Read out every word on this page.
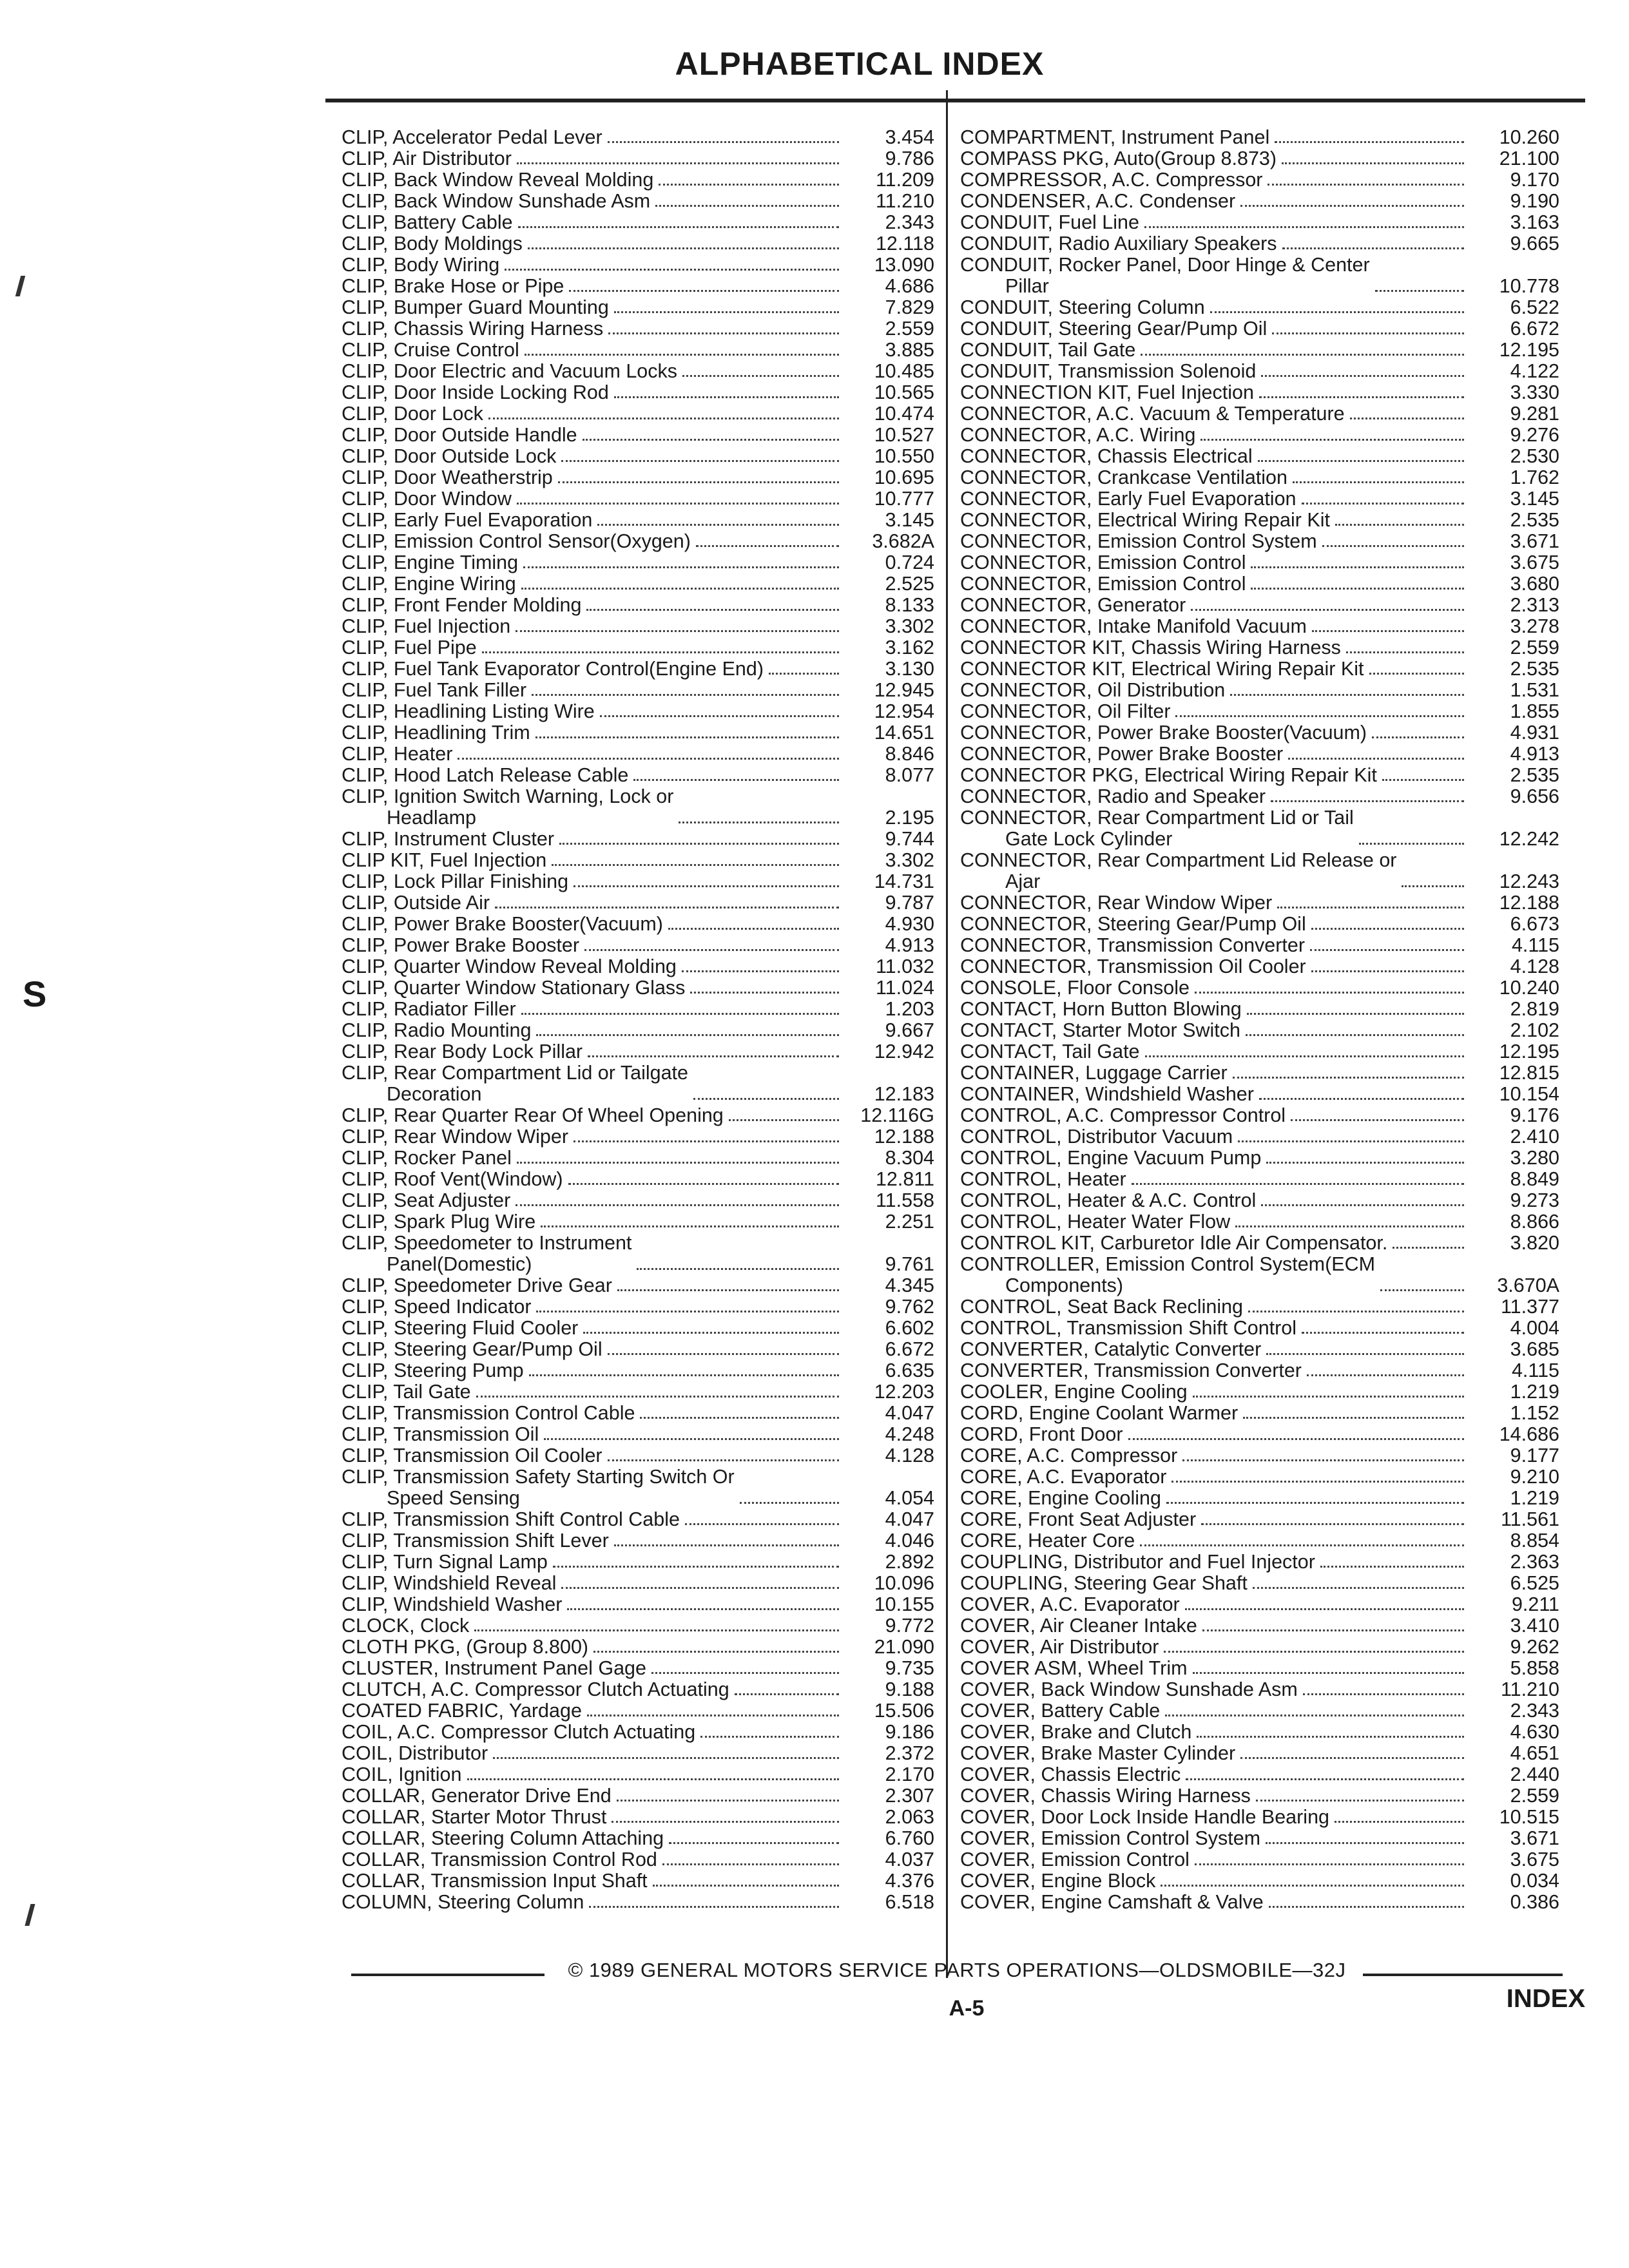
ALPHABETICAL INDEX
CLIP, Accelerator Pedal Lever	3.454
CLIP, Air Distributor	9.786
CLIP, Back Window Reveal Molding	11.209
CLIP, Back Window Sunshade Asm	11.210
CLIP, Battery Cable	2.343
CLIP, Body Moldings	12.118
CLIP, Body Wiring	13.090
CLIP, Brake Hose or Pipe	4.686
CLIP, Bumper Guard Mounting	7.829
CLIP, Chassis Wiring Harness	2.559
CLIP, Cruise Control	3.885
CLIP, Door Electric and Vacuum Locks	10.485
CLIP, Door Inside Locking Rod	10.565
CLIP, Door Lock	10.474
CLIP, Door Outside Handle	10.527
CLIP, Door Outside Lock	10.550
CLIP, Door Weatherstrip	10.695
CLIP, Door Window	10.777
CLIP, Early Fuel Evaporation	3.145
CLIP, Emission Control Sensor(Oxygen)	3.682A
CLIP, Engine Timing	0.724
CLIP, Engine Wiring	2.525
CLIP, Front Fender Molding	8.133
CLIP, Fuel Injection	3.302
CLIP, Fuel Pipe	3.162
CLIP, Fuel Tank Evaporator Control(Engine End)	3.130
CLIP, Fuel Tank Filler	12.945
CLIP, Headlining Listing Wire	12.954
CLIP, Headlining Trim	14.651
CLIP, Heater	8.846
CLIP, Hood Latch Release Cable	8.077
CLIP, Ignition Switch Warning, Lock or
Headlamp	2.195
CLIP, Instrument Cluster	9.744
CLIP KIT, Fuel Injection	3.302
CLIP, Lock Pillar Finishing	14.731
CLIP, Outside Air	9.787
CLIP, Power Brake Booster(Vacuum)	4.930
CLIP, Power Brake Booster	4.913
CLIP, Quarter Window Reveal Molding	11.032
CLIP, Quarter Window Stationary Glass	11.024
CLIP, Radiator Filler	1.203
CLIP, Radio Mounting	9.667
CLIP, Rear Body Lock Pillar	12.942
CLIP, Rear Compartment Lid or Tailgate
Decoration	12.183
CLIP, Rear Quarter Rear Of Wheel Opening	12.116G
CLIP, Rear Window Wiper	12.188
CLIP, Rocker Panel	8.304
CLIP, Roof Vent(Window)	12.811
CLIP, Seat Adjuster	11.558
CLIP, Spark Plug Wire	2.251
CLIP, Speedometer to Instrument
Panel(Domestic)	9.761
CLIP, Speedometer Drive Gear	4.345
CLIP, Speed Indicator	9.762
CLIP, Steering Fluid Cooler	6.602
CLIP, Steering Gear/Pump Oil	6.672
CLIP, Steering Pump	6.635
CLIP, Tail Gate	12.203
CLIP, Transmission Control Cable	4.047
CLIP, Transmission Oil	4.248
CLIP, Transmission Oil Cooler	4.128
CLIP, Transmission Safety Starting Switch Or
Speed Sensing	4.054
CLIP, Transmission Shift Control Cable	4.047
CLIP, Transmission Shift Lever	4.046
CLIP, Turn Signal Lamp	2.892
CLIP, Windshield Reveal	10.096
CLIP, Windshield Washer	10.155
CLOCK, Clock	9.772
CLOTH PKG, (Group 8.800)	21.090
CLUSTER, Instrument Panel Gage	9.735
CLUTCH, A.C. Compressor Clutch Actuating	9.188
COATED FABRIC, Yardage	15.506
COIL, A.C. Compressor Clutch Actuating	9.186
COIL, Distributor	2.372
COIL, Ignition	2.170
COLLAR, Generator Drive End	2.307
COLLAR, Starter Motor Thrust	2.063
COLLAR, Steering Column Attaching	6.760
COLLAR, Transmission Control Rod	4.037
COLLAR, Transmission Input Shaft	4.376
COLUMN, Steering Column	6.518
COMPARTMENT, Instrument Panel	10.260
COMPASS PKG, Auto(Group 8.873)	21.100
COMPRESSOR, A.C. Compressor	9.170
CONDENSER, A.C. Condenser	9.190
CONDUIT, Fuel Line	3.163
CONDUIT, Radio Auxiliary Speakers	9.665
CONDUIT, Rocker Panel, Door Hinge & Center
Pillar	10.778
CONDUIT, Steering Column	6.522
CONDUIT, Steering Gear/Pump Oil	6.672
CONDUIT, Tail Gate	12.195
CONDUIT, Transmission Solenoid	4.122
CONNECTION KIT, Fuel Injection	3.330
CONNECTOR, A.C. Vacuum & Temperature	9.281
CONNECTOR, A.C. Wiring	9.276
CONNECTOR, Chassis Electrical	2.530
CONNECTOR, Crankcase Ventilation	1.762
CONNECTOR, Early Fuel Evaporation	3.145
CONNECTOR, Electrical Wiring Repair Kit	2.535
CONNECTOR, Emission Control System	3.671
CONNECTOR, Emission Control	3.675
CONNECTOR, Emission Control	3.680
CONNECTOR, Generator	2.313
CONNECTOR, Intake Manifold Vacuum	3.278
CONNECTOR KIT, Chassis Wiring Harness	2.559
CONNECTOR KIT, Electrical Wiring Repair Kit	2.535
CONNECTOR, Oil Distribution	1.531
CONNECTOR, Oil Filter	1.855
CONNECTOR, Power Brake Booster(Vacuum)	4.931
CONNECTOR, Power Brake Booster	4.913
CONNECTOR PKG, Electrical Wiring Repair Kit	2.535
CONNECTOR, Radio and Speaker	9.656
CONNECTOR, Rear Compartment Lid or Tail
Gate Lock Cylinder	12.242
CONNECTOR, Rear Compartment Lid Release or
Ajar	12.243
CONNECTOR, Rear Window Wiper	12.188
CONNECTOR, Steering Gear/Pump Oil	6.673
CONNECTOR, Transmission Converter	4.115
CONNECTOR, Transmission Oil Cooler	4.128
CONSOLE, Floor Console	10.240
CONTACT, Horn Button Blowing	2.819
CONTACT, Starter Motor Switch	2.102
CONTACT, Tail Gate	12.195
CONTAINER, Luggage Carrier	12.815
CONTAINER, Windshield Washer	10.154
CONTROL, A.C. Compressor Control	9.176
CONTROL, Distributor Vacuum	2.410
CONTROL, Engine Vacuum Pump	3.280
CONTROL, Heater	8.849
CONTROL, Heater & A.C. Control	9.273
CONTROL, Heater Water Flow	8.866
CONTROL KIT, Carburetor Idle Air Compensator.	3.820
CONTROLLER, Emission Control System(ECM
Components)	3.670A
CONTROL, Seat Back Reclining	11.377
CONTROL, Transmission Shift Control	4.004
CONVERTER, Catalytic Converter	3.685
CONVERTER, Transmission Converter	4.115
COOLER, Engine Cooling	1.219
CORD, Engine Coolant Warmer	1.152
CORD, Front Door	14.686
CORE, A.C. Compressor	9.177
CORE, A.C. Evaporator	9.210
CORE, Engine Cooling	1.219
CORE, Front Seat Adjuster	11.561
CORE, Heater Core	8.854
COUPLING, Distributor and Fuel Injector	2.363
COUPLING, Steering Gear Shaft	6.525
COVER, A.C. Evaporator	9.211
COVER, Air Cleaner Intake	3.410
COVER, Air Distributor	9.262
COVER ASM, Wheel Trim	5.858
COVER, Back Window Sunshade Asm	11.210
COVER, Battery Cable	2.343
COVER, Brake and Clutch	4.630
COVER, Brake Master Cylinder	4.651
COVER, Chassis Electric	2.440
COVER, Chassis Wiring Harness	2.559
COVER, Door Lock Inside Handle Bearing	10.515
COVER, Emission Control System	3.671
COVER, Emission Control	3.675
COVER, Engine Block	0.034
COVER, Engine Camshaft & Valve	0.386
© 1989 GENERAL MOTORS SERVICE PARTS OPERATIONS—OLDSMOBILE—32J
A-5	INDEX
S
